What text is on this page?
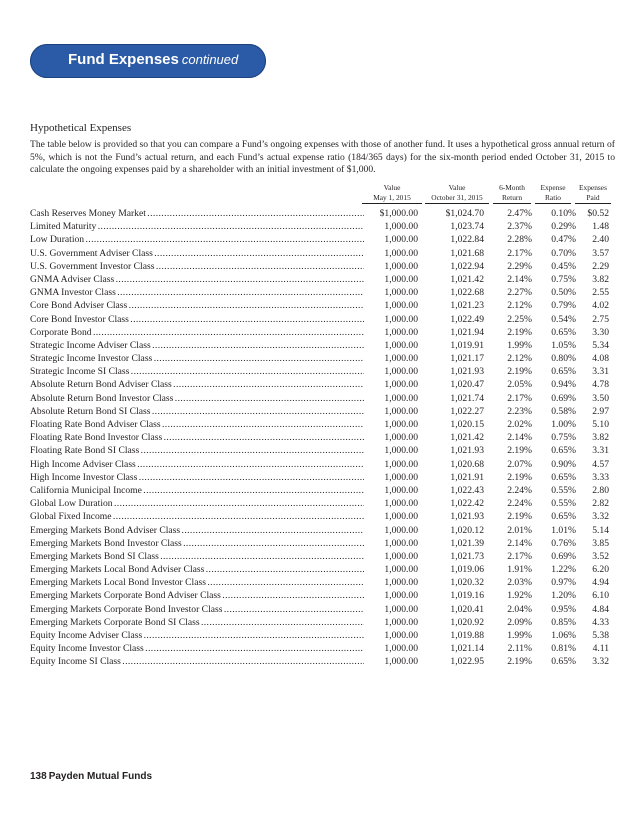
Fund Expenses continued
Hypothetical Expenses
The table below is provided so that you can compare a Fund’s ongoing expenses with those of another fund. It uses a hypothetical gross annual return of 5%, which is not the Fund’s actual return, and each Fund’s actual expense ratio (184/365 days) for the six-month period ended October 31, 2015 to calculate the ongoing expenses paid by a shareholder with an initial investment of $1,000.
Value
May 1, 2015
Value
October 31, 2015
6-Month
Return
Expense
Ratio
Expenses
Paid
Cash Reserves Money Market . . .	$1,000.00	$1,024.70	2.47%	0.10%	$0.52
Limited Maturity . . .	1,000.00	1,023.74	2.37%	0.29%	1.48
Low Duration . . .	1,000.00	1,022.84	2.28%	0.47%	2.40
U.S. Government Adviser Class . . .	1,000.00	1,021.68	2.17%	0.70%	3.57
U.S. Government Investor Class . . .	1,000.00	1,022.94	2.29%	0.45%	2.29
GNMA Adviser Class . . .	1,000.00	1,021.42	2.14%	0.75%	3.82
GNMA Investor Class . . .	1,000.00	1,022.68	2.27%	0.50%	2.55
Core Bond Adviser Class . . .	1,000.00	1,021.23	2.12%	0.79%	4.02
Core Bond Investor Class . . .	1,000.00	1,022.49	2.25%	0.54%	2.75
Corporate Bond . . .	1,000.00	1,021.94	2.19%	0.65%	3.30
Strategic Income Adviser Class . . .	1,000.00	1,019.91	1.99%	1.05%	5.34
Strategic Income Investor Class . . .	1,000.00	1,021.17	2.12%	0.80%	4.08
Strategic Income SI Class . . .	1,000.00	1,021.93	2.19%	0.65%	3.31
Absolute Return Bond Adviser Class . . .	1,000.00	1,020.47	2.05%	0.94%	4.78
Absolute Return Bond Investor Class . . .	1,000.00	1,021.74	2.17%	0.69%	3.50
Absolute Return Bond SI Class . . .	1,000.00	1,022.27	2.23%	0.58%	2.97
Floating Rate Bond Adviser Class . . .	1,000.00	1,020.15	2.02%	1.00%	5.10
Floating Rate Bond Investor Class . . .	1,000.00	1,021.42	2.14%	0.75%	3.82
Floating Rate Bond SI Class . . .	1,000.00	1,021.93	2.19%	0.65%	3.31
High Income Adviser Class . . .	1,000.00	1,020.68	2.07%	0.90%	4.57
High Income Investor Class . . .	1,000.00	1,021.91	2.19%	0.65%	3.33
California Municipal Income . . .	1,000.00	1,022.43	2.24%	0.55%	2.80
Global Low Duration . . .	1,000.00	1,022.42	2.24%	0.55%	2.82
Global Fixed Income . . .	1,000.00	1,021.93	2.19%	0.65%	3.32
Emerging Markets Bond Adviser Class . . .	1,000.00	1,020.12	2.01%	1.01%	5.14
Emerging Markets Bond Investor Class . . .	1,000.00	1,021.39	2.14%	0.76%	3.85
Emerging Markets Bond SI Class . . .	1,000.00	1,021.73	2.17%	0.69%	3.52
Emerging Markets Local Bond Adviser Class . . .	1,000.00	1,019.06	1.91%	1.22%	6.20
Emerging Markets Local Bond Investor Class . . .	1,000.00	1,020.32	2.03%	0.97%	4.94
Emerging Markets Corporate Bond Adviser Class . . .	1,000.00	1,019.16	1.92%	1.20%	6.10
Emerging Markets Corporate Bond Investor Class . . .	1,000.00	1,020.41	2.04%	0.95%	4.84
Emerging Markets Corporate Bond SI Class . . .	1,000.00	1,020.92	2.09%	0.85%	4.33
Equity Income Adviser Class . . .	1,000.00	1,019.88	1.99%	1.06%	5.38
Equity Income Investor Class . . .	1,000.00	1,021.14	2.11%	0.81%	4.11
Equity Income SI Class . . .	1,000.00	1,022.95	2.19%	0.65%	3.32
138 Payden Mutual Funds
